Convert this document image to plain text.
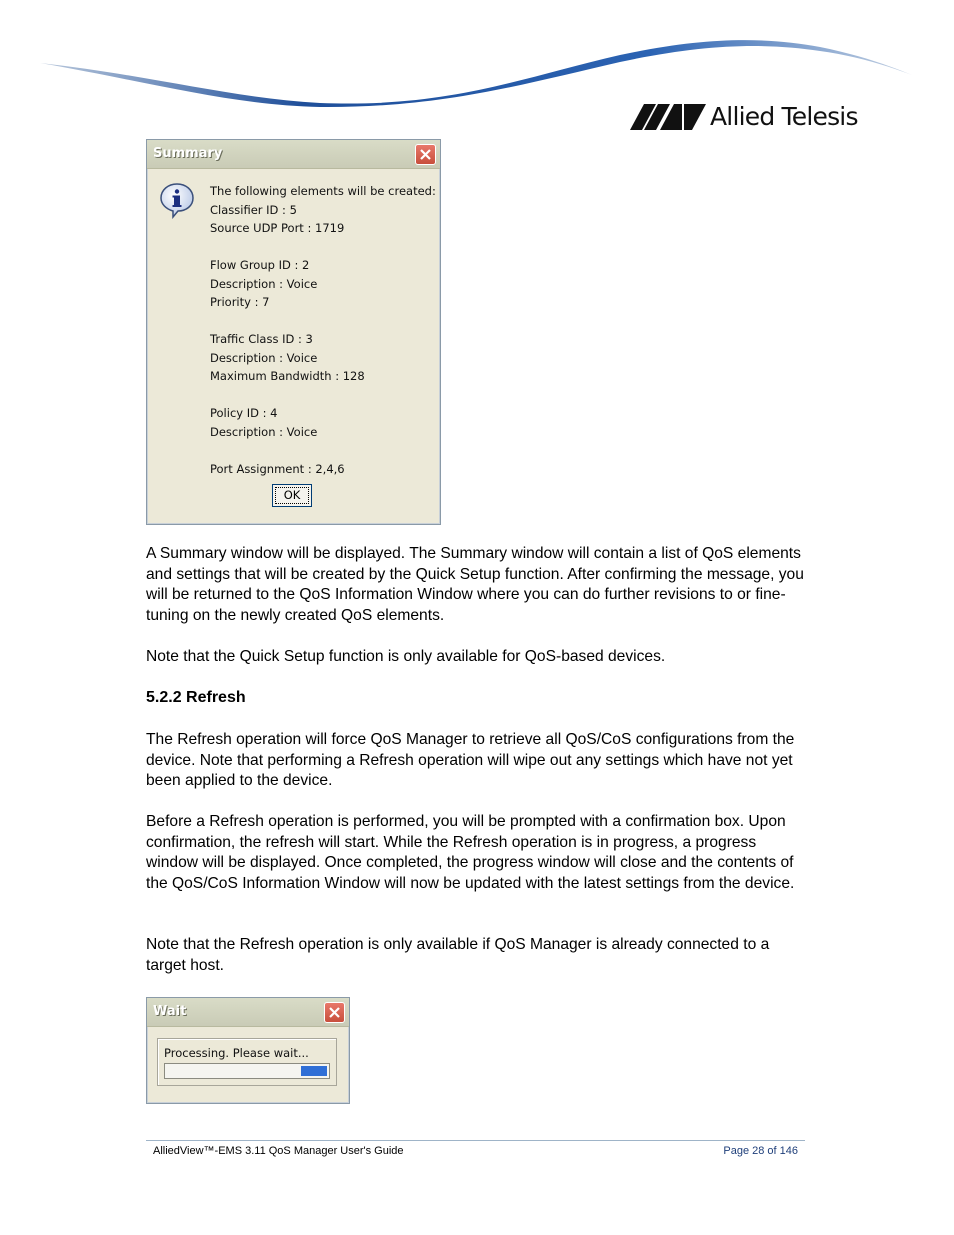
Allied Telesis
Summary
The following elements will be created:
Classifier ID : 5
Source UDP Port : 1719
Flow Group ID : 2
Description : Voice
Priority : 7
Traffic Class ID : 3
Description : Voice
Maximum Bandwidth : 128
Policy ID : 4
Description : Voice
Port Assignment : 2,4,6
OK
A Summary window will be displayed. The Summary window will contain a list of QoS elements and settings that will be created by the Quick Setup function. After confirming the message, you will be returned to the QoS Information Window where you can do further revisions to or fine-tuning on the newly created QoS elements.
Note that the Quick Setup function is only available for QoS-based devices.
5.2.2 Refresh
The Refresh operation will force QoS Manager to retrieve all QoS/CoS configurations from the device. Note that performing a Refresh operation will wipe out any settings which have not yet been applied to the device.
Before a Refresh operation is performed, you will be prompted with a confirmation box. Upon confirmation, the refresh will start. While the Refresh operation is in progress, a progress window will be displayed. Once completed, the progress window will close and the contents of the QoS/CoS Information Window will now be updated with the latest settings from the device.
Note that the Refresh operation is only available if QoS Manager is already connected to a target host.
Wait
Processing. Please wait...
AlliedView™-EMS 3.11 QoS Manager User's Guide	Page 28 of 146
